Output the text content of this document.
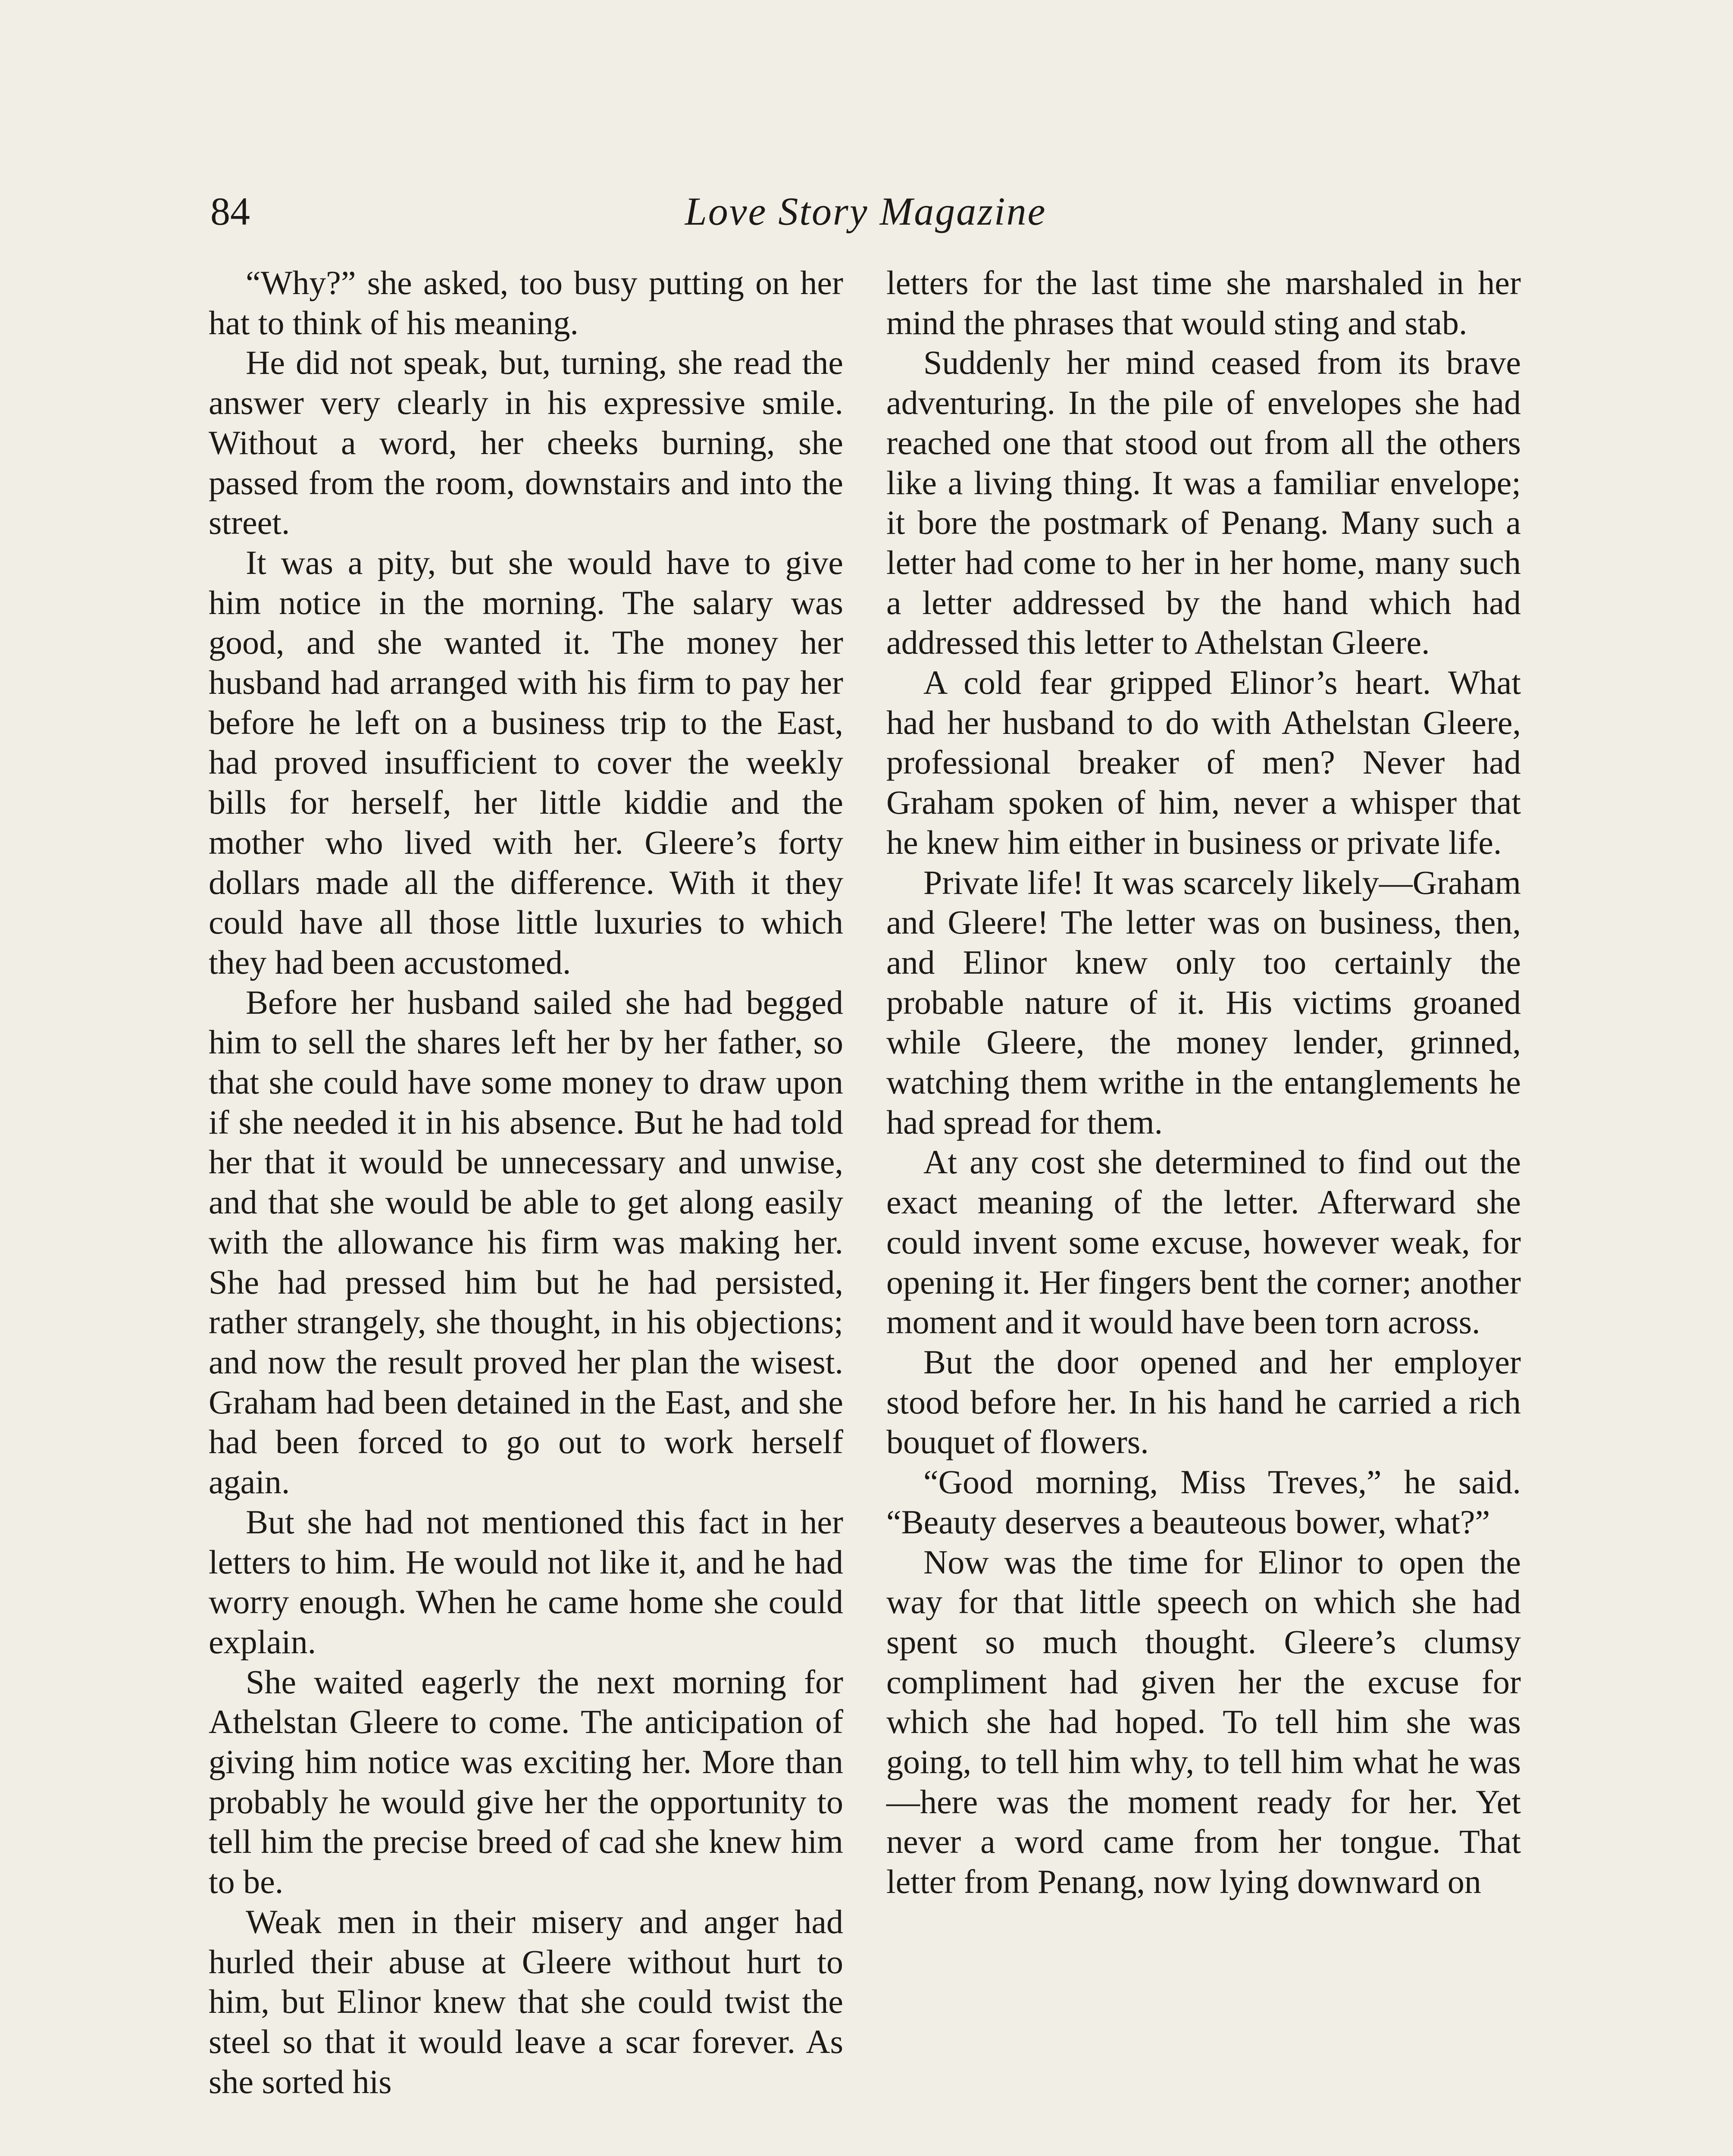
84	Love Story Magazine

“Why?” she asked, too busy putting on her hat to think of his meaning.

He did not speak, but, turning, she read the answer very clearly in his expressive smile. Without a word, her cheeks burning, she passed from the room, downstairs and into the street.

It was a pity, but she would have to give him notice in the morning. The salary was good, and she wanted it. The money her husband had arranged with his firm to pay her before he left on a business trip to the East, had proved insufficient to cover the weekly bills for herself, her little kiddie and the mother who lived with her. Gleere’s forty dollars made all the difference. With it they could have all those little luxuries to which they had been accustomed.

Before her husband sailed she had begged him to sell the shares left her by her father, so that she could have some money to draw upon if she needed it in his absence. But he had told her that it would be unnecessary and unwise, and that she would be able to get along easily with the allowance his firm was making her. She had pressed him but he had persisted, rather strangely, she thought, in his objections; and now the result proved her plan the wisest. Graham had been detained in the East, and she had been forced to go out to work herself again.

But she had not mentioned this fact in her letters to him. He would not like it, and he had worry enough. When he came home she could explain.

She waited eagerly the next morning for Athelstan Gleere to come. The anticipation of giving him notice was exciting her. More than probably he would give her the opportunity to tell him the precise breed of cad she knew him to be.

Weak men in their misery and anger had hurled their abuse at Gleere without hurt to him, but Elinor knew that she could twist the steel so that it would leave a scar forever. As she sorted his

letters for the last time she marshaled in her mind the phrases that would sting and stab.

Suddenly her mind ceased from its brave adventuring. In the pile of envelopes she had reached one that stood out from all the others like a living thing. It was a familiar envelope; it bore the postmark of Penang. Many such a letter had come to her in her home, many such a letter addressed by the hand which had addressed this letter to Athelstan Gleere.

A cold fear gripped Elinor’s heart. What had her husband to do with Athelstan Gleere, professional breaker of men? Never had Graham spoken of him, never a whisper that he knew him either in business or private life.

Private life! It was scarcely likely—Graham and Gleere! The letter was on business, then, and Elinor knew only too certainly the probable nature of it. His victims groaned while Gleere, the money lender, grinned, watching them writhe in the entanglements he had spread for them.

At any cost she determined to find out the exact meaning of the letter. Afterward she could invent some excuse, however weak, for opening it. Her fingers bent the corner; another moment and it would have been torn across.

But the door opened and her employer stood before her. In his hand he carried a rich bouquet of flowers.

“Good morning, Miss Treves,” he said. “Beauty deserves a beauteous bower, what?”

Now was the time for Elinor to open the way for that little speech on which she had spent so much thought. Gleere’s clumsy compliment had given her the excuse for which she had hoped. To tell him she was going, to tell him why, to tell him what he was—here was the moment ready for her. Yet never a word came from her tongue. That letter from Penang, now lying downward on
